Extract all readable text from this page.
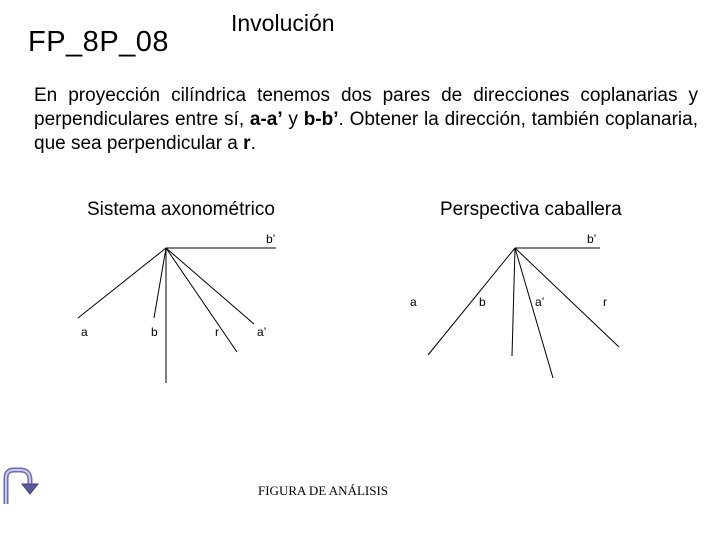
FP_8P_08
Involución
En proyección cilíndrica tenemos dos pares de direcciones coplanarias y perpendiculares entre sí, a-a’ y b-b’. Obtener la dirección, también coplanaria, que sea perpendicular a r.
Sistema axonométrico	Perspectiva caballera
b’
a	b	r	a’
b’
a	b	a’	r
FIGURA DE ANÁLISIS
